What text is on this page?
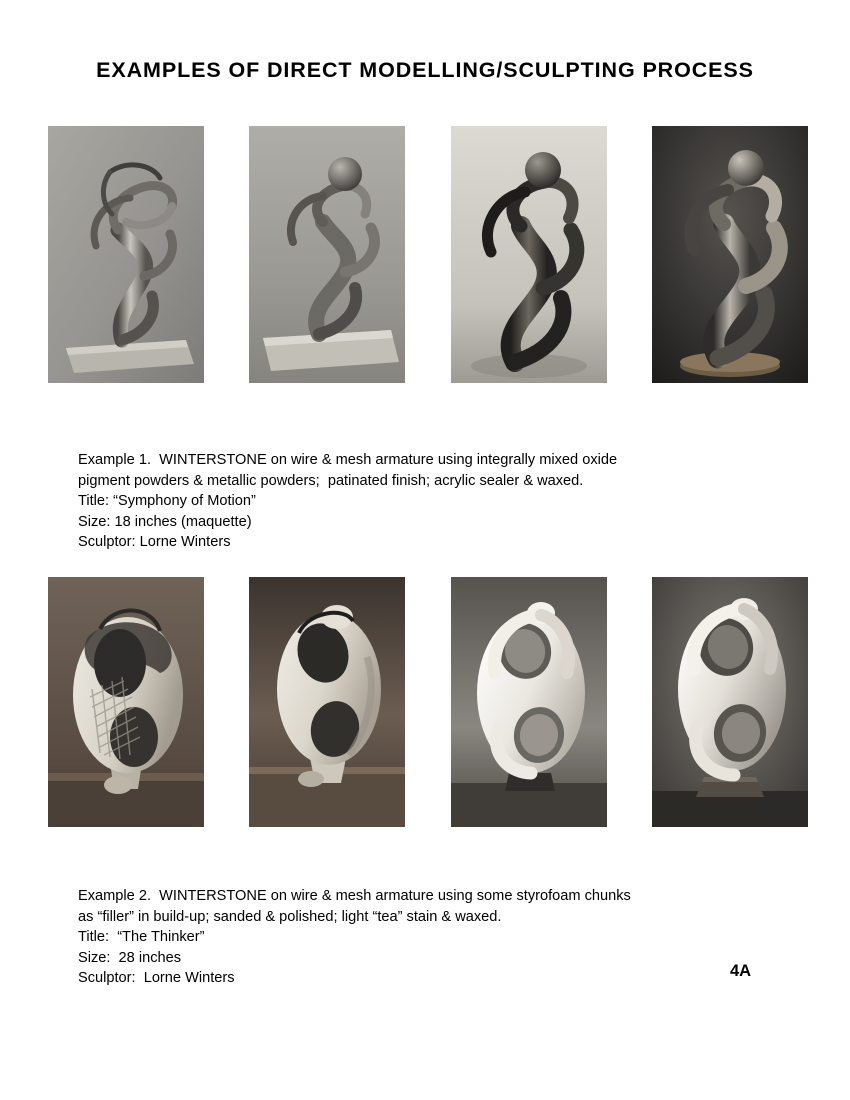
EXAMPLES OF DIRECT MODELLING/SCULPTING PROCESS
Example 1.  WINTERSTONE on wire & mesh armature using integrally mixed oxide
pigment powders & metallic powders;  patinated finish; acrylic sealer & waxed.
Title: “Symphony of Motion”
Size: 18 inches (maquette)
Sculptor: Lorne Winters
Example 2.  WINTERSTONE on wire & mesh armature using some styrofoam chunks
as “filler” in build-up; sanded & polished; light “tea” stain & waxed.
Title:  “The Thinker”
Size:  28 inches
Sculptor:  Lorne Winters	4A
